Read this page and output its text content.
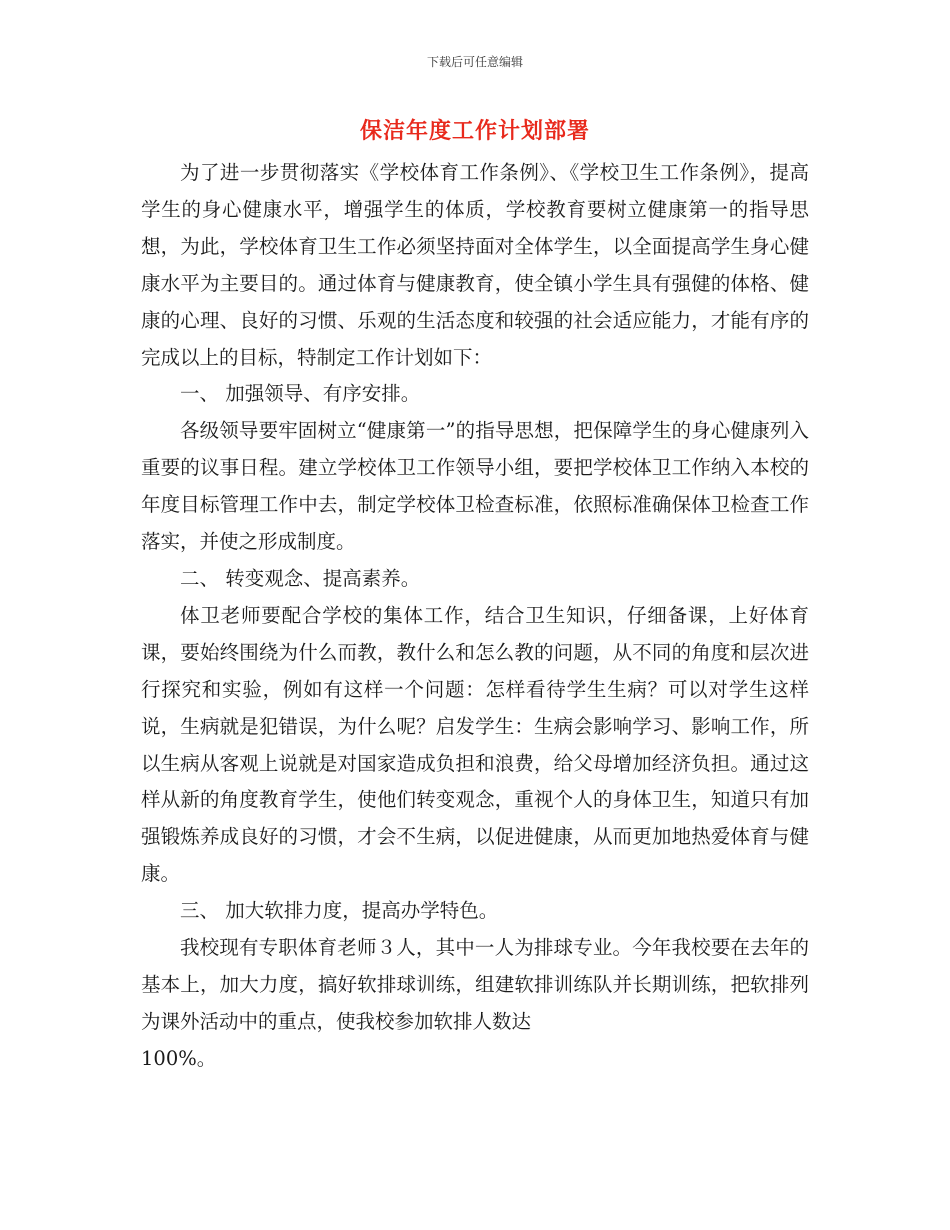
下载后可任意编辑
保洁年度工作计划部署

为了进一步贯彻落实《学校体育工作条例》、《学校卫生工作条例》，提高学生的身心健康水平，增强学生的体质，学校教育要树立健康第一的指导思想，为此，学校体育卫生工作必须坚持面对全体学生，以全面提高学生身心健康水平为主要目的。通过体育与健康教育，使全镇小学生具有强健的体格、健康的心理、良好的习惯、乐观的生活态度和较强的社会适应能力，才能有序的完成以上的目标，特制定工作计划如下：

一、 加强领导、有序安排。

各级领导要牢固树立“健康第一”的指导思想，把保障学生的身心健康列入重要的议事日程。建立学校体卫工作领导小组，要把学校体卫工作纳入本校的年度目标管理工作中去，制定学校体卫检查标准，依照标准确保体卫检查工作落实，并使之形成制度。

二、 转变观念、提高素养。

体卫老师要配合学校的集体工作，结合卫生知识，仔细备课，上好体育课，要始终围绕为什么而教，教什么和怎么教的问题，从不同的角度和层次进行探究和实验，例如有这样一个问题：怎样看待学生生病？可以对学生这样说，生病就是犯错误，为什么呢？启发学生：生病会影响学习、影响工作，所以生病从客观上说就是对国家造成负担和浪费，给父母增加经济负担。通过这样从新的角度教育学生，使他们转变观念，重视个人的身体卫生，知道只有加强锻炼养成良好的习惯，才会不生病，以促进健康，从而更加地热爱体育与健康。

三、 加大软排力度，提高办学特色。

我校现有专职体育老师３人，其中一人为排球专业。今年我校要在去年的基本上，加大力度，搞好软排球训练，组建软排训练队并长期训练，把软排列为课外活动中的重点，使我校参加软排人数达

100%。
